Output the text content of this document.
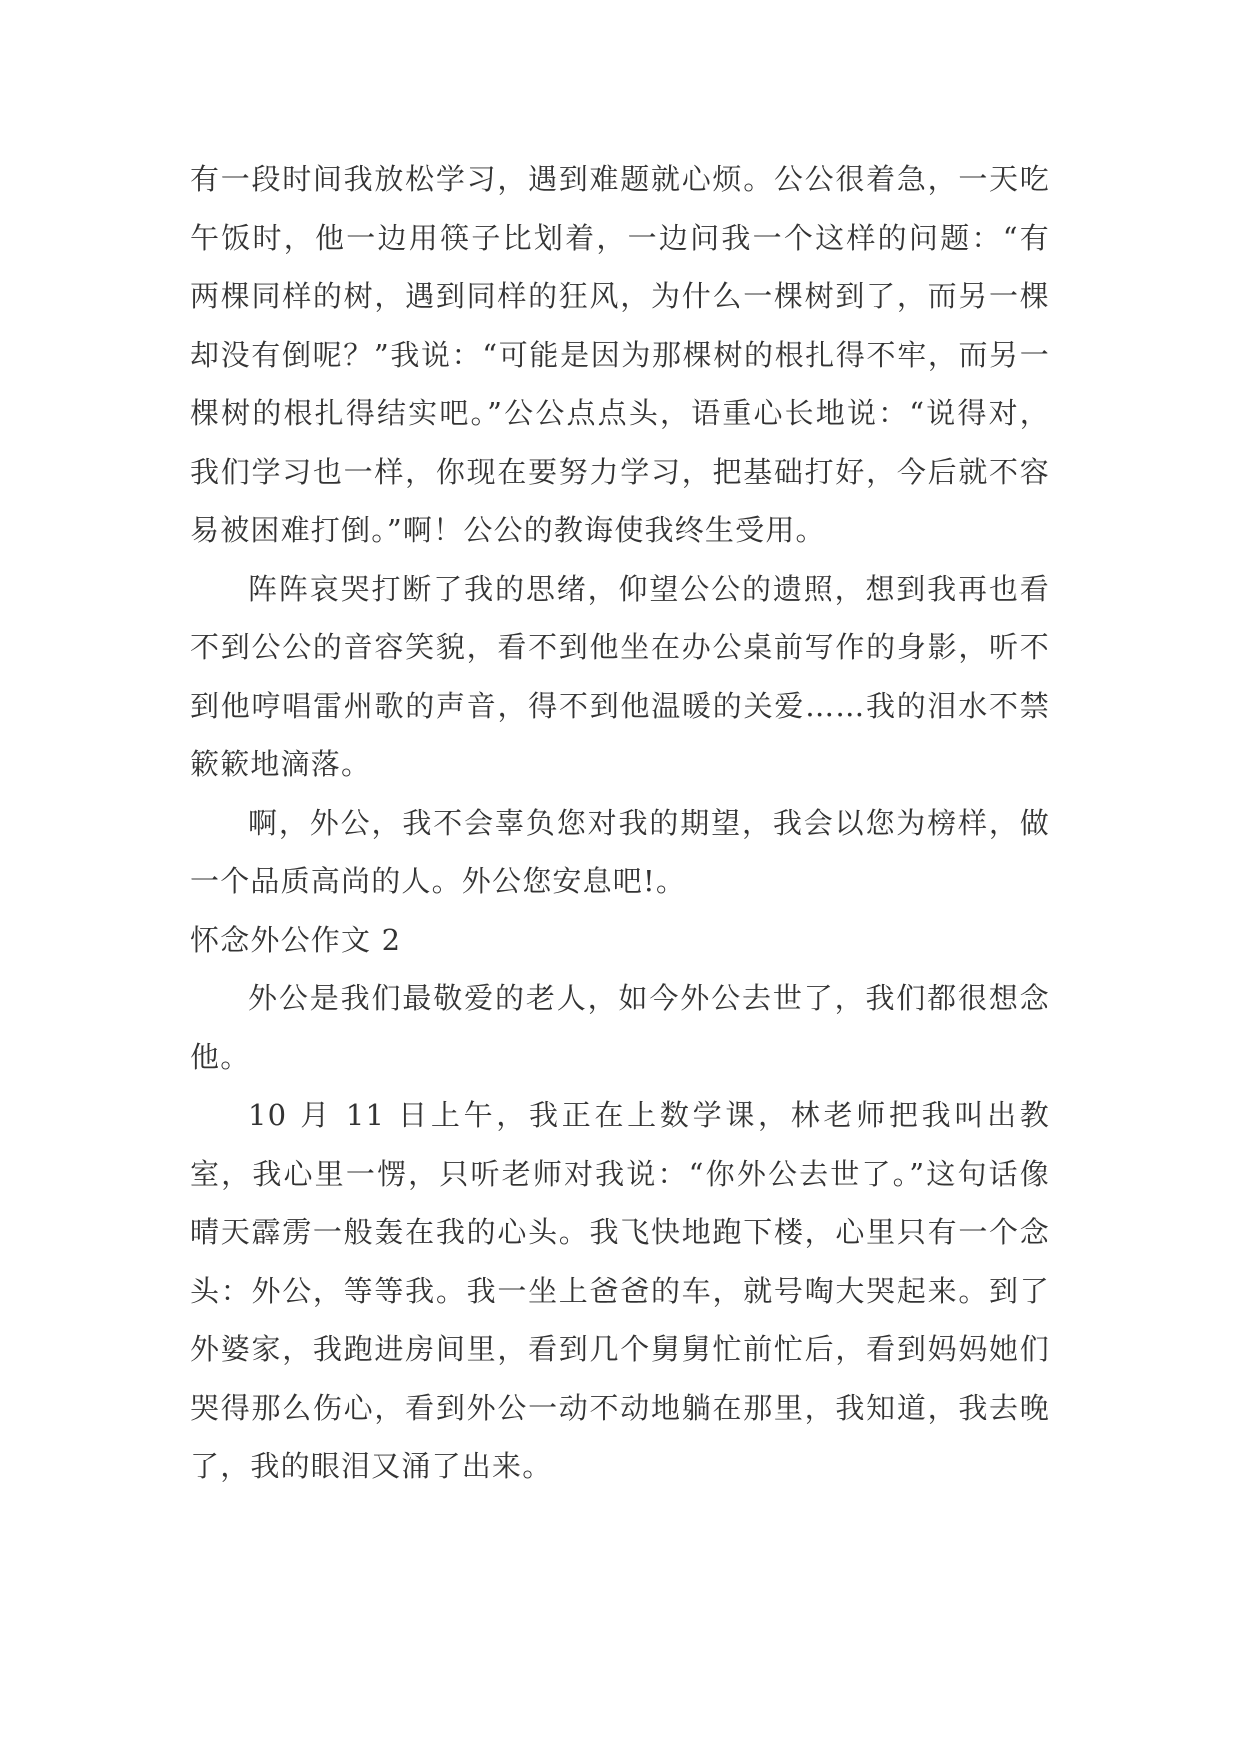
有一段时间我放松学习，遇到难题就心烦。公公很着急，一天吃午饭时，他一边用筷子比划着，一边问我一个这样的问题：“有两棵同样的树，遇到同样的狂风，为什么一棵树到了，而另一棵却没有倒呢？”我说：“可能是因为那棵树的根扎得不牢，而另一棵树的根扎得结实吧。”公公点点头，语重心长地说：“说得对，我们学习也一样，你现在要努力学习，把基础打好，今后就不容易被困难打倒。”啊！公公的教诲使我终生受用。

阵阵哀哭打断了我的思绪，仰望公公的遗照，想到我再也看不到公公的音容笑貌，看不到他坐在办公桌前写作的身影，听不到他哼唱雷州歌的声音，得不到他温暖的关爱……我的泪水不禁簌簌地滴落。

啊，外公，我不会辜负您对我的期望，我会以您为榜样，做一个品质高尚的人。外公您安息吧!。

怀念外公作文 2

外公是我们最敬爱的老人，如今外公去世了，我们都很想念他。

10 月 11 日上午，我正在上数学课，林老师把我叫出教室，我心里一愣，只听老师对我说：“你外公去世了。”这句话像晴天霹雳一般轰在我的心头。我飞快地跑下楼，心里只有一个念头：外公，等等我。我一坐上爸爸的车，就号啕大哭起来。到了外婆家，我跑进房间里，看到几个舅舅忙前忙后，看到妈妈她们哭得那么伤心，看到外公一动不动地躺在那里，我知道，我去晚了，我的眼泪又涌了出来。
